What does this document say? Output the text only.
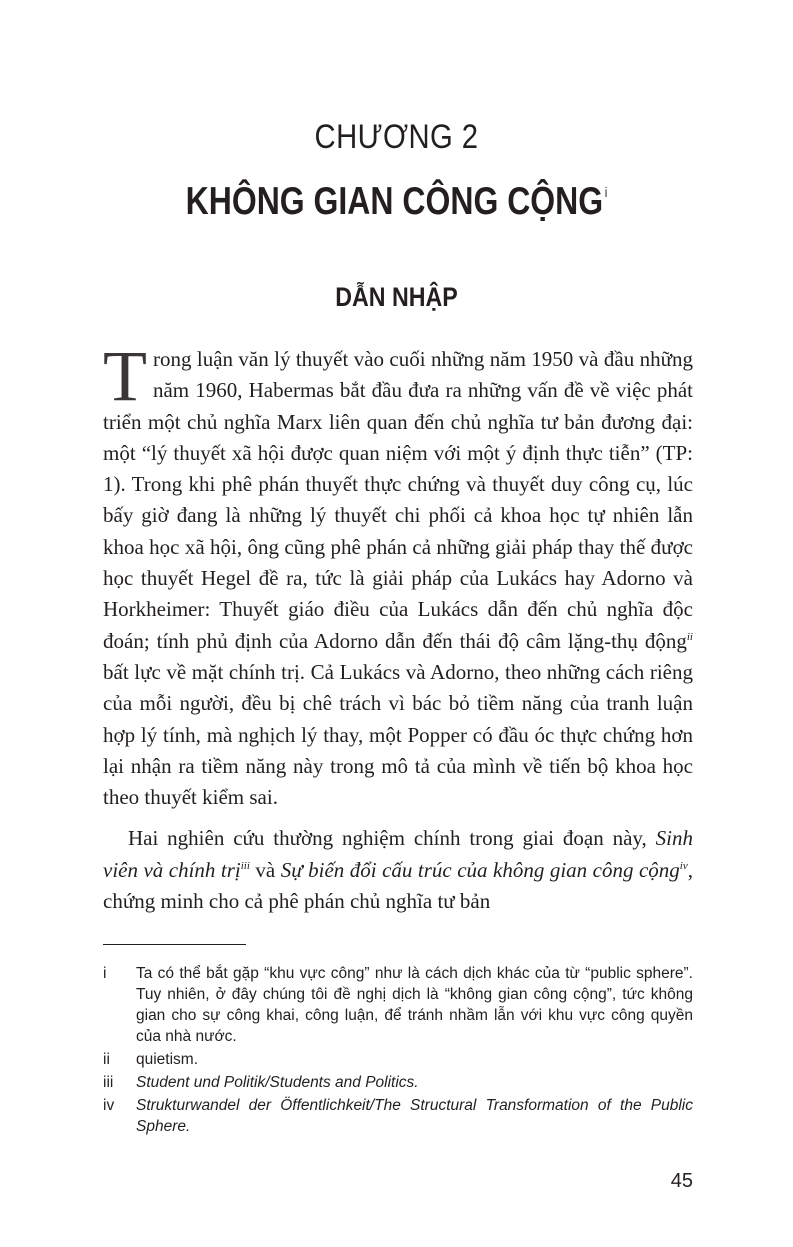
CHƯƠNG 2
KHÔNG GIAN CÔNG CỘNG $^i$
DẪN NHẬP

Trong luận văn lý thuyết vào cuối những năm 1950 và đầu những năm 1960, Habermas bắt đầu đưa ra những vấn đề về việc phát triển một chủ nghĩa Marx liên quan đến chủ nghĩa tư bản đương đại: một “lý thuyết xã hội được quan niệm với một ý định thực tiễn” (TP: 1). Trong khi phê phán thuyết thực chứng và thuyết duy công cụ, lúc bấy giờ đang là những lý thuyết chi phối cả khoa học tự nhiên lẫn khoa học xã hội, ông cũng phê phán cả những giải pháp thay thế được học thuyết Hegel đề ra, tức là giải pháp của Lukács hay Adorno và Horkheimer: Thuyết giáo điều của Lukács dẫn đến chủ nghĩa độc đoán; tính phủ định của Adorno dẫn đến thái độ câm lặng-thụ động$^{ii}$ bất lực về mặt chính trị. Cả Lukács và Adorno, theo những cách riêng của mỗi người, đều bị chê trách vì bác bỏ tiềm năng của tranh luận hợp lý tính, mà nghịch lý thay, một Popper có đầu óc thực chứng hơn lại nhận ra tiềm năng này trong mô tả của mình về tiến bộ khoa học theo thuyết kiểm sai.

Hai nghiên cứu thường nghiệm chính trong giai đoạn này, Sinh viên và chính trị$^{iii}$ và Sự biến đổi cấu trúc của không gian công cộng$^{iv}$, chứng minh cho cả phê phán chủ nghĩa tư bản

i	Ta có thể bắt gặp “khu vực công” như là cách dịch khác của từ “public sphere”. Tuy nhiên, ở đây chúng tôi đề nghị dịch là “không gian công cộng”, tức không gian cho sự công khai, công luận, để tránh nhầm lẫn với khu vực công quyền của nhà nước.
ii	quietism.
iii	Student und Politik/Students and Politics.
iv	Strukturwandel der Öffentlichkeit/The Structural Transformation of the Public Sphere.
45
